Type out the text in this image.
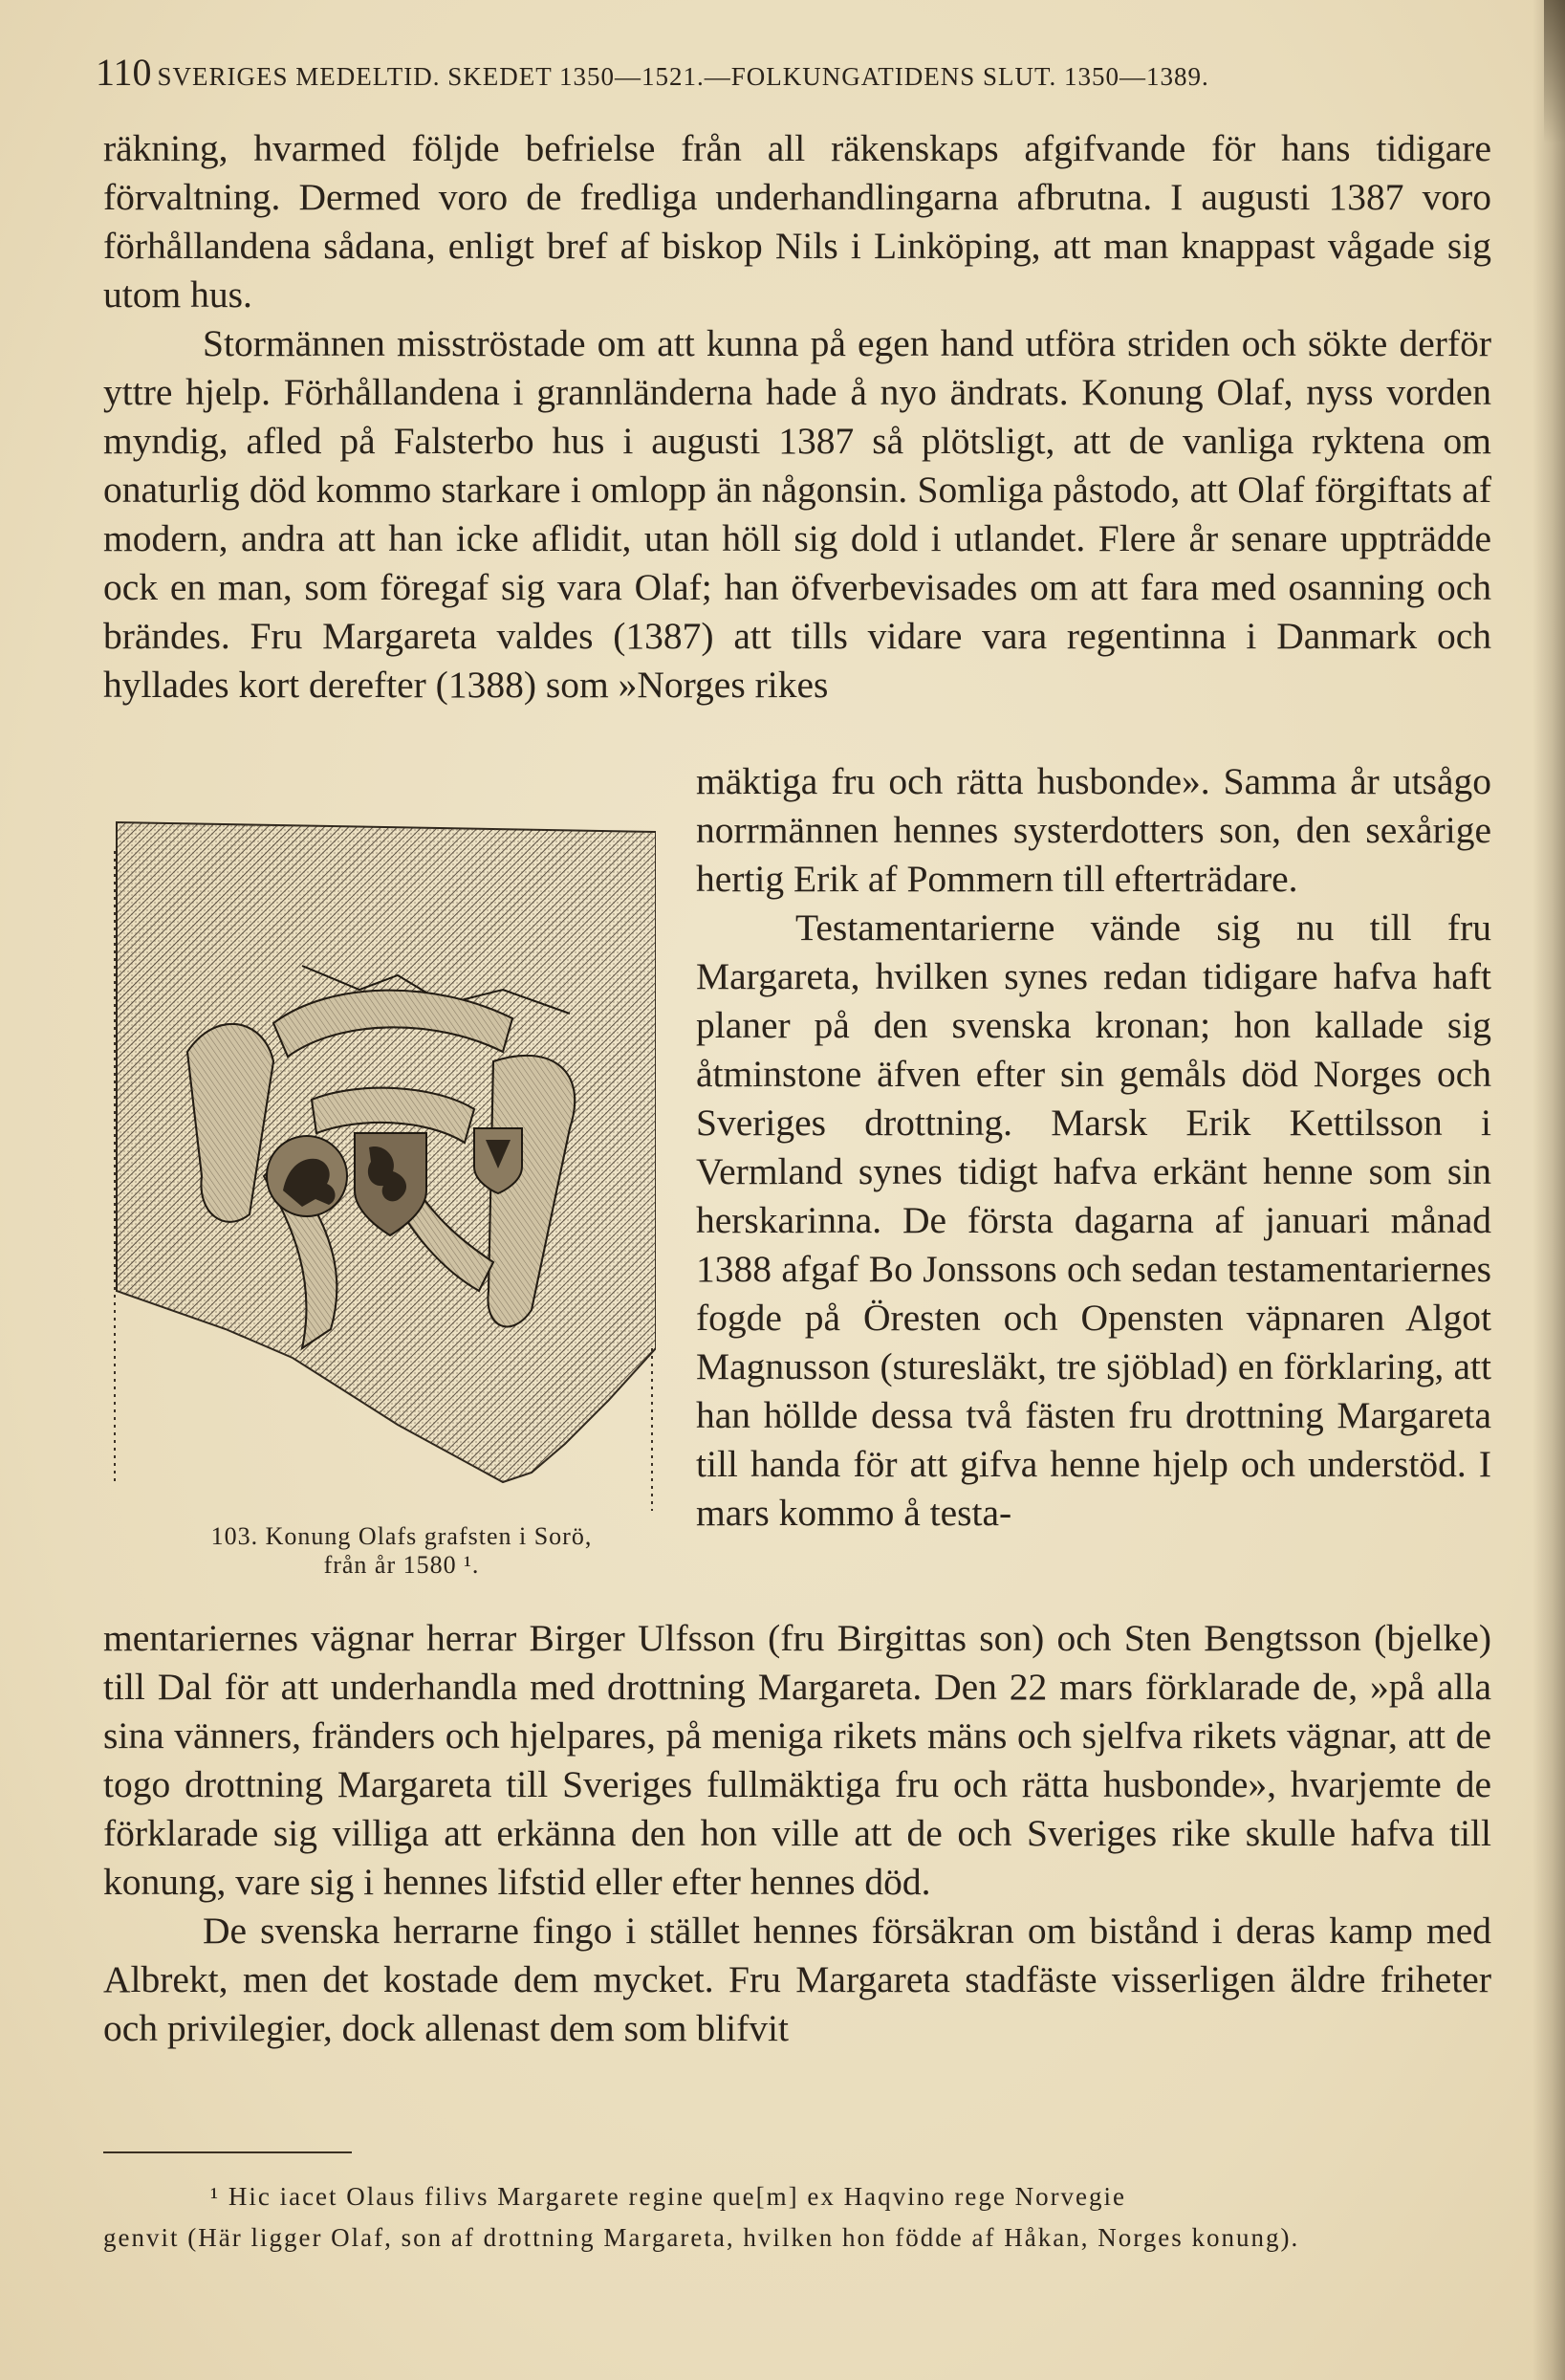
110 SVERIGES MEDELTID. SKEDET 1350—1521.—FOLKUNGATIDENS SLUT. 1350—1389.

räkning, hvarmed följde befrielse från all räkenskaps afgifvande för hans tidigare förvaltning. Dermed voro de fredliga underhandlingarna afbrutna. I augusti 1387 voro förhållandena sådana, enligt bref af biskop Nils i Linköping, att man knappast vågade sig utom hus.

Stormännen misströstade om att kunna på egen hand utföra striden och sökte derför yttre hjelp. Förhållandena i grannländerna hade å nyo ändrats. Konung Olaf, nyss vorden myndig, afled på Falsterbo hus i augusti 1387 så plötsligt, att de vanliga ryktena om onaturlig död kommo starkare i omlopp än någonsin. Somliga påstodo, att Olaf förgiftats af modern, andra att han icke aflidit, utan höll sig dold i utlandet. Flere år senare uppträdde ock en man, som föregaf sig vara Olaf; han öfverbevisades om att fara med osanning och brändes. Fru Margareta valdes (1387) att tills vidare vara regentinna i Danmark och hyllades kort derefter (1388) som »Norges rikes

103. Konung Olafs grafsten i Sorö,
från år 1580 ¹.

mäktiga fru och rätta husbonde». Samma år utsågo norrmännen hennes systerdotters son, den sexårige hertig Erik af Pommern till efterträdare.

Testamentarierne vände sig nu till fru Margareta, hvilken synes redan tidigare hafva haft planer på den svenska kronan; hon kallade sig åtminstone äfven efter sin gemåls död Norges och Sveriges drottning. Marsk Erik Kettilsson i Vermland synes tidigt hafva erkänt henne som sin herskarinna. De första dagarna af januari månad 1388 afgaf Bo Jonssons och sedan testamentariernes fogde på Öresten och Opensten väpnaren Algot Magnusson (sturesläkt, tre sjöblad) en förklaring, att han höllde dessa två fästen fru drottning Margareta till handa för att gifva henne hjelp och understöd. I mars kommo å testa-

mentariernes vägnar herrar Birger Ulfsson (fru Birgittas son) och Sten Bengtsson (bjelke) till Dal för att underhandla med drottning Margareta. Den 22 mars förklarade de, »på alla sina vänners, fränders och hjelpares, på meniga rikets mäns och sjelfva rikets vägnar, att de togo drottning Margareta till Sveriges fullmäktiga fru och rätta husbonde», hvarjemte de förklarade sig villiga att erkänna den hon ville att de och Sveriges rike skulle hafva till konung, vare sig i hennes lifstid eller efter hennes död.

De svenska herrarne fingo i stället hennes försäkran om bistånd i deras kamp med Albrekt, men det kostade dem mycket. Fru Margareta stadfäste visserligen äldre friheter och privilegier, dock allenast dem som blifvit

¹ Hic iacet Olaus filivs Margarete regine que[m] ex Haqvino rege Norvegie

genvit (Här ligger Olaf, son af drottning Margareta, hvilken hon födde af Håkan, Norges konung).
